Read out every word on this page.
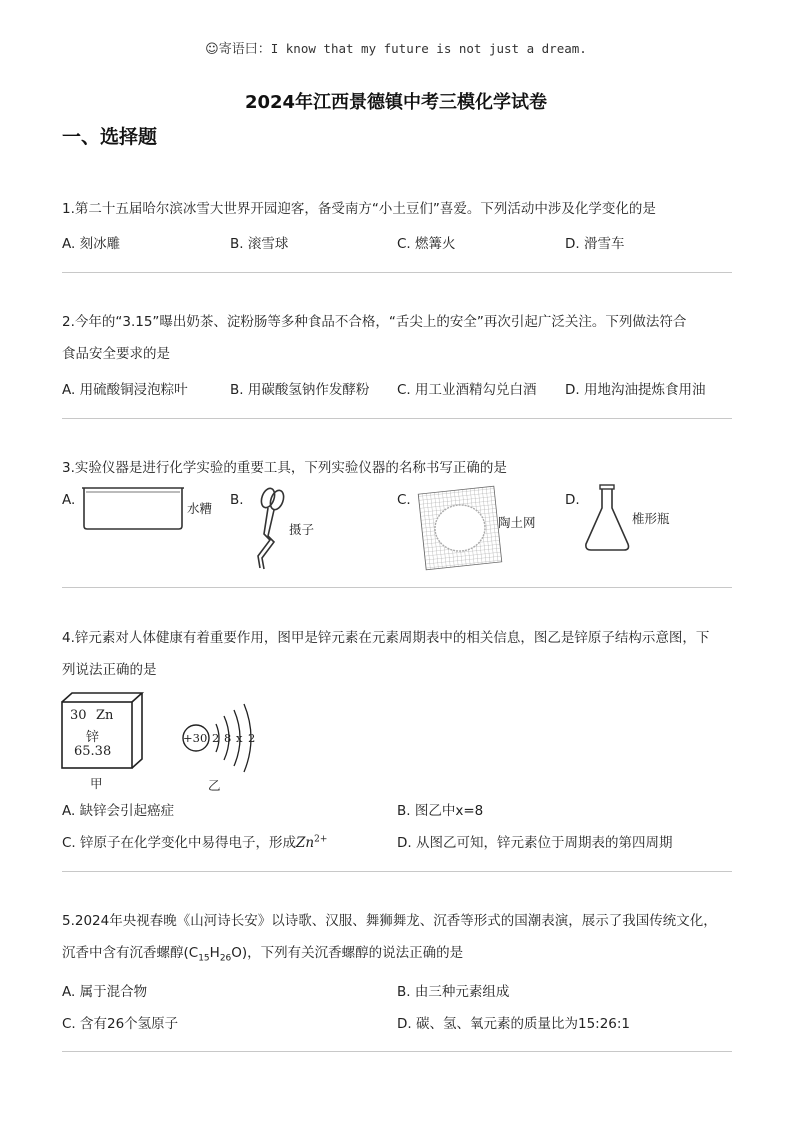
☺寄语曰：I know that my future is not just a dream.
2024年江西景德镇中考三模化学试卷
一、选择题
1.第二十五届哈尔滨冰雪大世界开园迎客，备受南方“小土豆们”喜爱。下列活动中涉及化学变化的是
A. 刻冰雕	B. 滚雪球	C. 燃篝火	D. 滑雪车
2.今年的“3.15”曝出奶茶、淀粉肠等多种食品不合格，“舌尖上的安全”再次引起广泛关注。下列做法符合
食品安全要求的是
A. 用硫酸铜浸泡粽叶	B. 用碳酸氢钠作发酵粉 C. 用工业酒精勾兑白酒 D. 用地沟油提炼食用油
3.实验仪器是进行化学实验的重要工具，下列实验仪器的名称书写正确的是
A.
水糟
B.
摄子
C.
陶土网
D.
椎形瓶
4.锌元素对人体健康有着重要作用，图甲是锌元素在元素周期表中的相关信息，图乙是锌原子结构示意图，下
列说法正确的是
30 Zn
锌
65.38
甲
+30 2 8 x 2
乙
A. 缺锌会引起癌症	B. 图乙中x=8
C. 锌原子在化学变化中易得电子，形成$Zn^{2+}$	D. 从图乙可知，锌元素位于周期表的第四周期
5.2024年央视春晚《山河诗长安》以诗歌、汉服、舞狮舞龙、沉香等形式的国潮表演，展示了我国传统文化，
沉香中含有沉香螺醇$(C_{15}H_{26}O)$，下列有关沉香螺醇的说法正确的是
A. 属于混合物	B. 由三种元素组成
C. 含有26个氢原子	D. 碳、氢、氧元素的质量比为15:26:1
